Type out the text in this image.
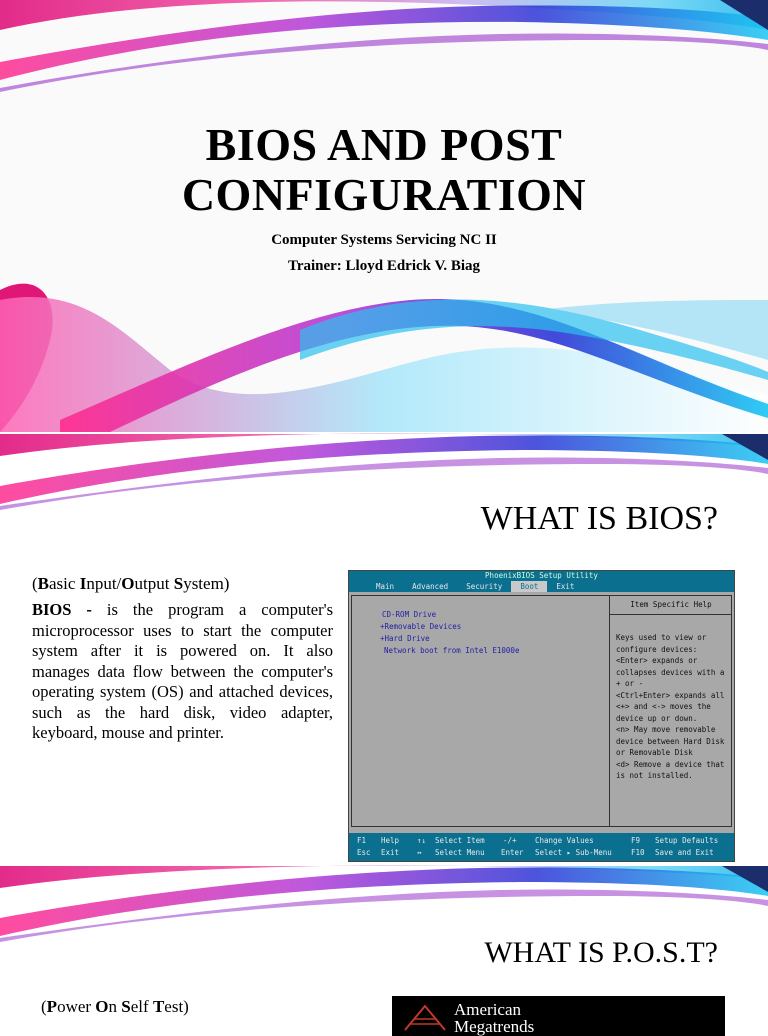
BIOS AND POST
CONFIGURATION
Computer Systems Servicing NC II
Trainer: Lloyd Edrick V. Biag
WHAT IS BIOS?
(Basic Input/Output System)
BIOS - is the program a computer's microprocessor uses to start the computer system after it is powered on. It also manages data flow between the computer's operating system (OS) and attached devices, such as the hard disk, video adapter, keyboard, mouse and printer.
PhoenixBIOS Setup Utility
Main	Advanced	Security	Boot	Exit
CD-ROM Drive
+Removable Devices
+Hard Drive
Network boot from Intel E1000e
Item Specific Help
Keys used to view or configure devices: <Enter> expands or collapses devices with a + or -
<Ctrl+Enter> expands all
<+> and <-> moves the device up or down.
<n> May move removable device between Hard Disk or Removable Disk
<d> Remove a device that is not installed.
F1 Help ↑↓ Select Item -/+ Change Values	F9 Setup Defaults
Esc Exit ↔ Select Menu Enter Select ▸ Sub-Menu	F10 Save and Exit
WHAT IS P.O.S.T?
(Power On Self Test)	American
Megatrends
